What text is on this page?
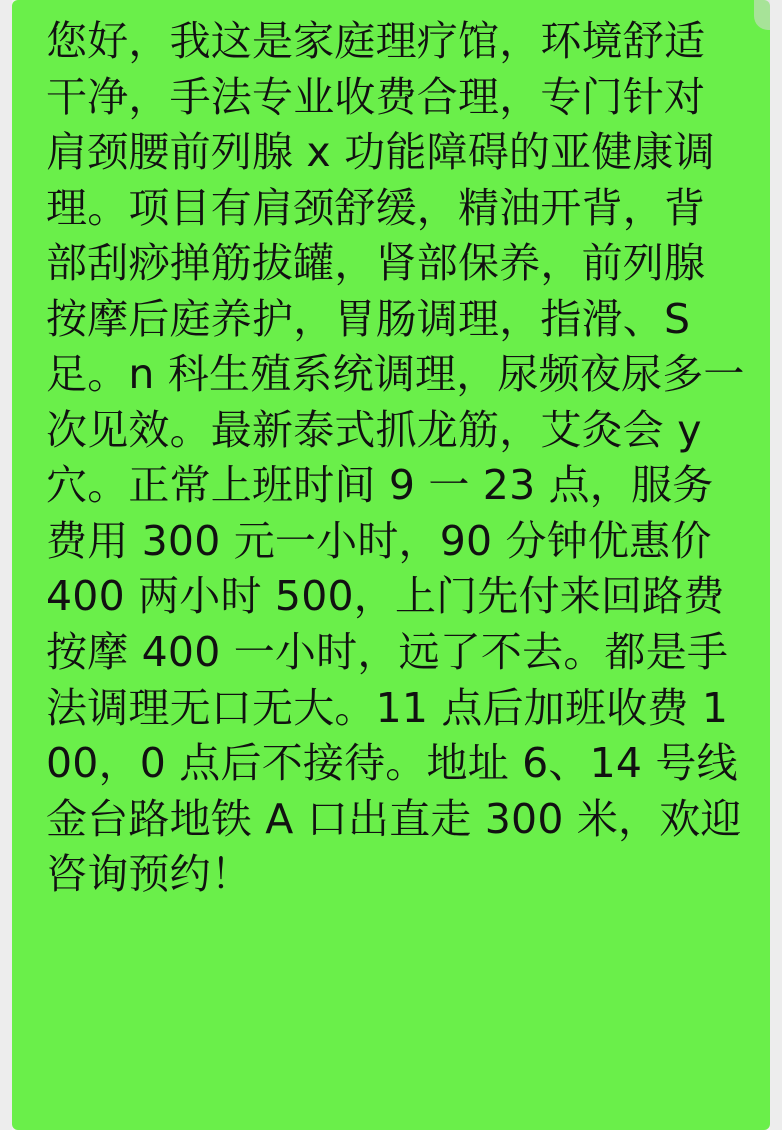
您好，我这是家庭理疗馆，环境舒适干净，手法专业收费合理，专门针对肩颈腰前列腺 x 功能障碍的亚健康调理。项目有肩颈舒缓，精油开背，背部刮痧掸筋拔罐，肾部保养，前列腺按摩后庭养护，胃肠调理，指滑、S 足。n 科生殖系统调理，尿频夜尿多一次见效。最新泰式抓龙筋，艾灸会 y 穴。正常上班时间 9 一 23 点，服务费用 300 元一小时，90 分钟优惠价 400 两小时 500，上门先付来回路费按摩 400 一小时，远了不去。都是手法调理无口无大。11 点后加班收费 100，0 点后不接待。地址 6、14 号线金台路地铁 A 口出直走 300 米，欢迎咨询预约！
